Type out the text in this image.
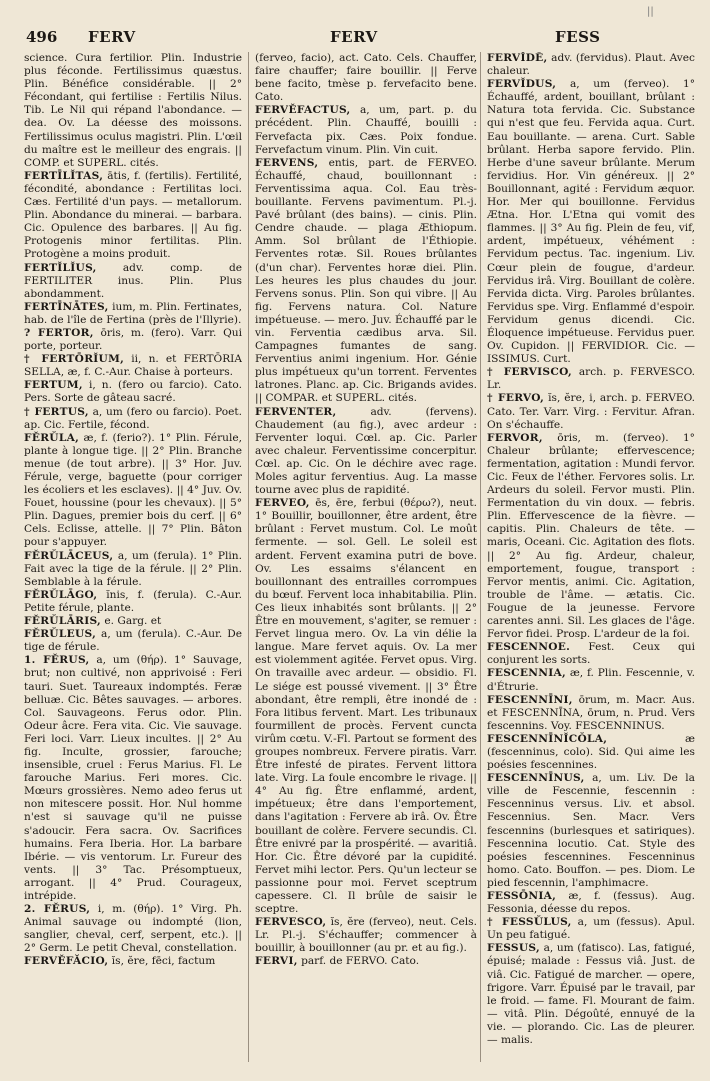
||
496 FERV	FERV	FESS

science. Cura fertilior. Plin. Industrie plus féconde. Fertilissimus quæstus. Plin. Bénéfice considérable. || 2° Fécondant, qui fertilise : Fertilis Nilus. Tib. Le Nil qui répand l'abondance. — dea. Ov. La déesse des moissons. Fertilissimus oculus magistri. Plin. L'œil du maître est le meilleur des engrais. || COMP. et SUPERL. cités.

FERTĪLĬTAS, ātis, f. (fertilis). Fertilité, fécondité, abondance : Fertilitas loci. Cæs. Fertilité d'un pays. — metallorum. Plin. Abondance du minerai. — barbara. Cic. Opulence des barbares. || Au fig. Protogenis minor fertilitas. Plin. Protogène a moins produit.

FERTĬLĬUS, adv. comp. de FERTILITER inus. Plin. Plus abondamment.

FERTĪNĀTES, ium, m. Plin. Fertinates, hab. de l'île de Fertina (près de l'Illyrie).

? FERTOR, ōris, m. (fero). Varr. Qui porte, porteur.

† FERTŌRĬUM, ii, n. et FERTŌRIA SELLA, æ, f. C.-Aur. Chaise à porteurs.

FERTUM, i, n. (fero ou farcio). Cato. Pers. Sorte de gâteau sacré.

† FERTUS, a, um (fero ou farcio). Poet. ap. Cic. Fertile, fécond.

FĔRŬLA, æ, f. (ferio?). 1° Plin. Férule, plante à longue tige. || 2° Plin. Branche menue (de tout arbre). || 3° Hor. Juv. Férule, verge, baguette (pour corriger les écoliers et les esclaves). || 4° Juv. Ov. Fouet, houssine (pour les chevaux). || 5° Plin. Dagues, premier bois du cerf. || 6° Cels. Eclisse, attelle. || 7° Plin. Bâton pour s'appuyer.

FĔRŬLĀCEUS, a, um (ferula). 1° Plin. Fait avec la tige de la férule. || 2° Plin. Semblable à la férule.

FĔRŬLĀGO, ĭnis, f. (ferula). C.-Aur. Petite férule, plante.

FĔRŬLĀRIS, e. Garg. et

FĔRŬLEUS, a, um (ferula). C.-Aur. De tige de férule.

1. FĔRUS, a, um (θήρ). 1° Sauvage, brut; non cultivé, non apprivoisé : Feri tauri. Suet. Taureaux indomptés. Feræ belluæ. Cic. Bêtes sauvages. — arbores. Col. Sauvageons. Ferus odor. Plin. Odeur âcre. Fera vita. Cic. Vie sauvage. Feri loci. Varr. Lieux incultes. || 2° Au fig. Inculte, grossier, farouche; insensible, cruel : Ferus Marius. Fl. Le farouche Marius. Feri mores. Cic. Mœurs grossières. Nemo adeo ferus ut non mitescere possit. Hor. Nul homme n'est si sauvage qu'il ne puisse s'adoucir. Fera sacra. Ov. Sacrifices humains. Fera Iberia. Hor. La barbare Ibérie. — vis ventorum. Lr. Fureur des vents. || 3° Tac. Présomptueux, arrogant. || 4° Prud. Courageux, intrépide.

2. FĔRUS, i, m. (θήρ). 1° Virg. Ph. Animal sauvage ou indompté (lion, sanglier, cheval, cerf, serpent, etc.). || 2° Germ. Le petit Cheval, constellation.

FERVĔFĂCIO, ĭs, ĕre, fēci, factum

(ferveo, facio), act. Cato. Cels. Chauffer, faire chauffer; faire bouillir. || Ferve bene facito, tmèse p. fervefacito bene. Cato.

FERVĔFACTUS, a, um, part. p. du précédent. Plin. Chauffé, bouilli : Fervefacta pix. Cæs. Poix fondue. Fervefactum vinum. Plin. Vin cuit.

FERVENS, entis, part. de FERVEO. Échauffé, chaud, bouillonnant : Ferventissima aqua. Col. Eau très-bouillante. Fervens pavimentum. Pl.-j. Pavé brûlant (des bains). — cinis. Plin. Cendre chaude. — plaga Æthiopum. Amm. Sol brûlant de l'Éthiopie. Ferventes rotæ. Sil. Roues brûlantes (d'un char). Ferventes horæ diei. Plin. Les heures les plus chaudes du jour. Fervens sonus. Plin. Son qui vibre. || Au fig. Fervens natura. Col. Nature impétueuse. — mero. Juv. Échauffé par le vin. Ferventia cædibus arva. Sil. Campagnes fumantes de sang. Ferventius animi ingenium. Hor. Génie plus impétueux qu'un torrent. Ferventes latrones. Planc. ap. Cic. Brigands avides. || COMPAR. et SUPERL. cités.

FERVENTER,	adv. (fervens). Chaudement (au fig.), avec ardeur : Ferventer loqui. Cœl. ap. Cic. Parler avec chaleur. Ferventissime concerpitur. Cœl. ap. Cic. On le déchire avec rage. Moles agitur ferventius. Aug. La masse tourne avec plus de rapidité.

FERVEO, ēs, ēre, ferbui (θέρω?), neut. 1° Bouillir, bouillonner, être ardent, être brûlant : Fervet mustum. Col. Le moût fermente. — sol. Gell. Le soleil est ardent. Fervent examina putri de bove. Ov. Les essaims s'élancent en bouillonnant des entrailles corrompues du bœuf. Fervent loca inhabitabilia. Plin. Ces lieux inhabités sont brûlants. || 2° Être en mouvement, s'agiter, se remuer : Fervet lingua mero. Ov. La vin délie la langue. Mare fervet aquis. Ov. La mer est violemment agitée. Fervet opus. Virg. On travaille avec ardeur. — obsidio. Fl. Le siége est poussé vivement. || 3° Être abondant, être rempli, être inondé de : Fora litibus fervent. Mart. Les tribunaux fourmillent de procès. Fervent cuncta virûm cœtu. V.-Fl. Partout se forment des groupes nombreux. Fervere piratis. Varr. Être infesté de pirates. Fervent littora late. Virg. La foule encombre le rivage. || 4° Au fig. Être enflammé, ardent, impétueux; être dans l'emportement, dans l'agitation : Fervere ab irâ. Ov. Être bouillant de colère. Fervere secundis. Cl. Être enivré par la prospérité. — avaritiâ. Hor. Cic. Être dévoré par la cupidité. Fervet mihi lector. Pers. Qu'un lecteur se passionne pour moi. Fervet sceptrum capessere. Cl. Il brûle de saisir le sceptre.

FERVESCO, ĭs, ĕre (ferveo), neut. Cels. Lr. Pl.-j. S'échauffer; commencer à bouillir, à bouillonner (au pr. et au fig.).

FERVI, parf. de FERVO. Cato.

FERVĬDĒ, adv. (fervidus). Plaut. Avec chaleur.

FERVĬDUS, a, um (ferveo). 1° Échauffé, ardent, bouillant, brûlant : Natura tota fervida. Cic. Substance qui n'est que feu. Fervida aqua. Curt. Eau bouillante. — arena. Curt. Sable brûlant. Herba sapore fervido. Plin. Herbe d'une saveur brûlante. Merum fervidius. Hor. Vin généreux. || 2° Bouillonnant, agité : Fervidum æquor. Hor. Mer qui bouillonne. Fervidus Ætna. Hor. L'Etna qui vomit des flammes. || 3° Au fig. Plein de feu, vif, ardent, impétueux, véhément : Fervidum pectus. Tac. ingenium. Liv. Cœur plein de fougue, d'ardeur. Fervidus irâ. Virg. Bouillant de colère. Fervida dicta. Virg. Paroles brûlantes. Fervidus spe. Virg. Enflammé d'espoir. Fervidum genus dicendi. Cic. Éloquence impétueuse. Fervidus puer. Ov. Cupidon. || FERVIDIOR. Cic. — ISSIMUS. Curt.

† FERVISCO, arch. p. FERVESCO. Lr.

† FERVO, ĭs, ĕre, i, arch. p. FERVEO. Cato. Ter. Varr. Virg. : Fervitur. Afran. On s'échauffe.

FERVOR, ōris, m. (ferveo). 1° Chaleur brûlante; effervescence; fermentation, agitation : Mundi fervor. Cic. Feux de l'éther. Fervores solis. Lr. Ardeurs du soleil. Fervor musti. Plin. Fermentation du vin doux. — febris. Plin. Effervescence de la fièvre. — capitis. Plin. Chaleurs de tête. — maris, Oceani. Cic. Agitation des flots. || 2° Au fig. Ardeur, chaleur, emportement, fougue, transport : Fervor mentis, animi. Cic. Agitation, trouble de l'âme. — ætatis. Cic. Fougue de la jeunesse. Fervore carentes anni. Sil. Les glaces de l'âge. Fervor fidei. Prosp. L'ardeur de la foi.

FESCENNOE. Fest. Ceux qui conjurent les sorts.

FESCENNIA, æ, f. Plin. Fescennie, v. d'Étrurie.

FESCENNĪNI, ōrum, m. Macr. Aus. et FESCENNĪNA, ōrum, n. Prud. Vers fescennins. Voy. FESCENNINUS.

FESCENNĪNĬCŎLA,	æ (fescenninus, colo). Sid. Qui aime les poésies fescennines.

FESCENNĪNUS, a, um. Liv. De la ville de Fescennie, fescennin : Fescenninus versus. Liv. et absol. Fescennius. Sen. Macr. Vers fescennins (burlesques et satiriques). Fescennina locutio. Cat. Style des poésies fescennines. Fescenninus homo. Cato. Bouffon. — pes. Diom. Le pied fescennin, l'amphimacre.

FESSŌNIA, æ, f. (fessus). Aug. Fessonia, déesse du repos.

† FESSŬLUS, a, um (fessus). Apul. Un peu fatigué.

FESSUS, a, um (fatisco). Las, fatigué, épuisé; malade : Fessus viâ. Just. de viâ. Cic. Fatigué de marcher. — opere, frigore. Varr. Épuisé par le travail, par le froid. — fame. Fl. Mourant de faim. — vitâ. Plin. Dégoûté, ennuyé de la vie. — plorando. Cic. Las de pleurer. — malis.
